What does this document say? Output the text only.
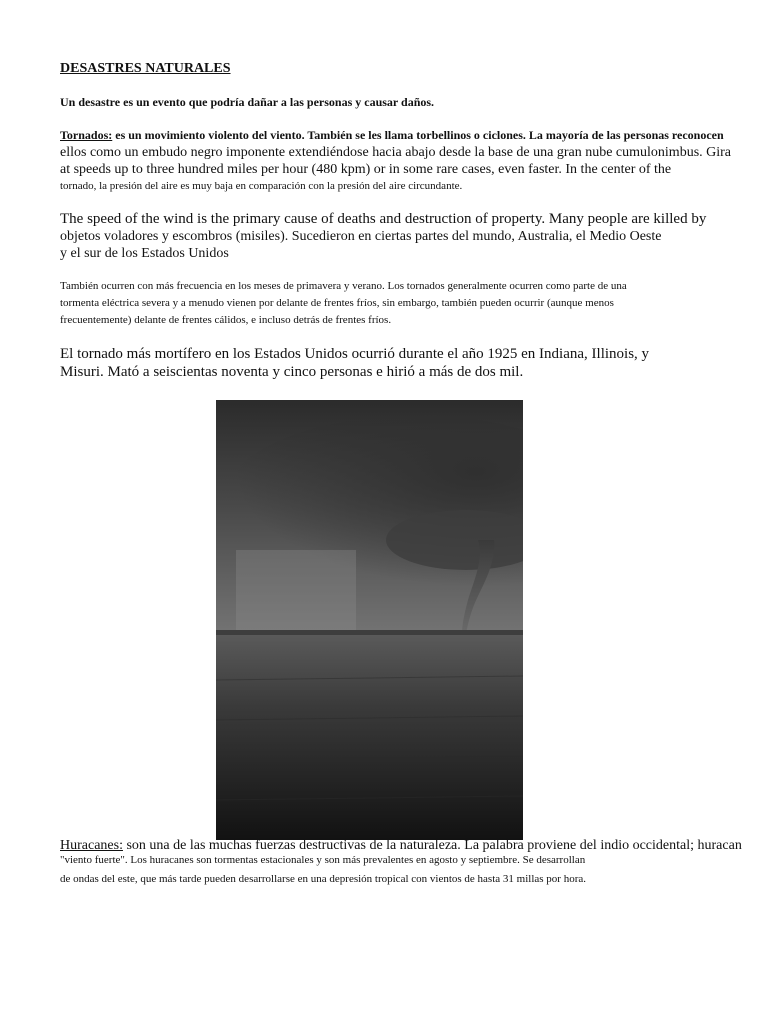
DESASTRES NATURALES
Un desastre es un evento que podría dañar a las personas y causar daños.
Tornados: es un movimiento violento del viento. También se les llama torbellinos o ciclones. La mayoría de las personas reconocen
ellos como un embudo negro imponente extendiéndose hacia abajo desde la base de una gran nube cumulonimbus. Gira
at speeds up to three hundred miles per hour (480 kpm) or in some rare cases, even faster. In the center of the
tornado, la presión del aire es muy baja en comparación con la presión del aire circundante.
The speed of the wind is the primary cause of deaths and destruction of property. Many people are killed by
objetos voladores y escombros (misiles). Sucedieron en ciertas partes del mundo, Australia, el Medio Oeste
y el sur de los Estados Unidos
También ocurren con más frecuencia en los meses de primavera y verano. Los tornados generalmente ocurren como parte de una
tormenta eléctrica severa y a menudo vienen por delante de frentes fríos, sin embargo, también pueden ocurrir (aunque menos
frecuentemente) delante de frentes cálidos, e incluso detrás de frentes fríos.
El tornado más mortífero en los Estados Unidos ocurrió durante el año 1925 en Indiana, Illinois, y
Misuri. Mató a seiscientas noventa y cinco personas e hirió a más de dos mil.
Huracanes: son una de las muchas fuerzas destructivas de la naturaleza. La palabra proviene del indio occidental; huracan
"viento fuerte". Los huracanes son tormentas estacionales y son más prevalentes en agosto y septiembre. Se desarrollan
de ondas del este, que más tarde pueden desarrollarse en una depresión tropical con vientos de hasta 31 millas por hora.
